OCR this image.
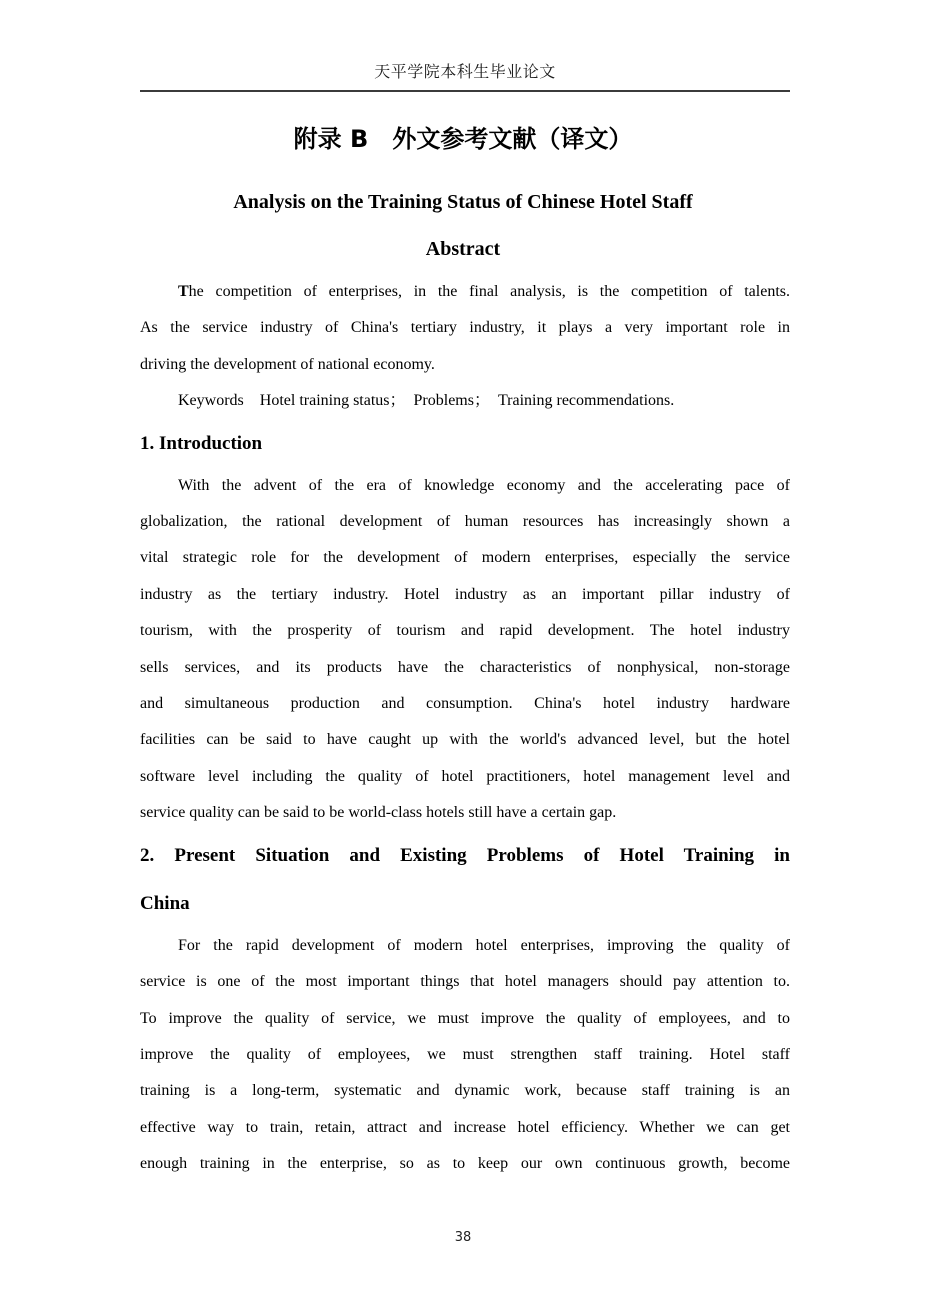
天平学院本科生毕业论文
附录 B　外文参考文献（译文）
Analysis on the Training Status of Chinese Hotel Staff
Abstract
The competition of enterprises, in the final analysis, is the competition of talents.
As the service industry of China's tertiary industry, it plays a very important role in
driving the development of national economy.
Keywords　Hotel training status；　Problems；　Training recommendations.
1. Introduction
With the advent of the era of knowledge economy and the accelerating pace of
globalization, the rational development of human resources has increasingly shown a
vital strategic role for the development of modern enterprises, especially the service
industry as the tertiary industry. Hotel industry as an important pillar industry of
tourism, with the prosperity of tourism and rapid development. The hotel industry
sells services, and its products have the characteristics of nonphysical, non-storage
and simultaneous production and consumption. China's hotel industry hardware
facilities can be said to have caught up with the world's advanced level, but the hotel
software level including the quality of hotel practitioners, hotel management level and
service quality can be said to be world-class hotels still have a certain gap.
2. Present Situation and Existing Problems of Hotel Training in
China
For the rapid development of modern hotel enterprises, improving the quality of
service is one of the most important things that hotel managers should pay attention to.
To improve the quality of service, we must improve the quality of employees, and to
improve the quality of employees, we must strengthen staff training. Hotel staff
training is a long-term, systematic and dynamic work, because staff training is an
effective way to train, retain, attract and increase hotel efficiency. Whether we can get
enough training in the enterprise, so as to keep our own continuous growth, become
38
